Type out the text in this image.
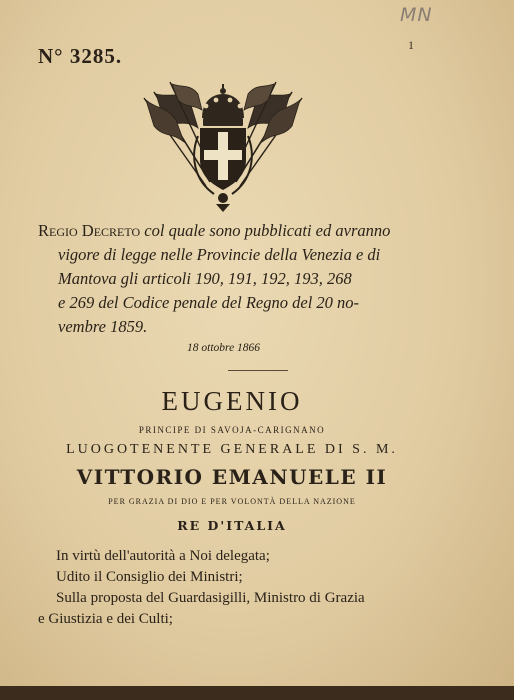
MN
1
N° 3285.
Regio Decreto col quale sono pubblicati ed avranno
vigore di legge nelle Provincie della Venezia e di
Mantova gli articoli 190, 191, 192, 193, 268
e 269 del Codice penale del Regno del 20 no-
vembre 1859.
18 ottobre 1866
EUGENIO
PRINCIPE DI SAVOJA-CARIGNANO
LUOGOTENENTE GENERALE DI S. M.
VITTORIO EMANUELE II
PER GRAZIA DI DIO E PER VOLONTÀ DELLA NAZIONE
RE D'ITALIA
In virtù dell'autorità a Noi delegata;
Udito il Consiglio dei Ministri;
Sulla proposta del Guardasigilli, Ministro di Grazia
e Giustizia e dei Culti;
